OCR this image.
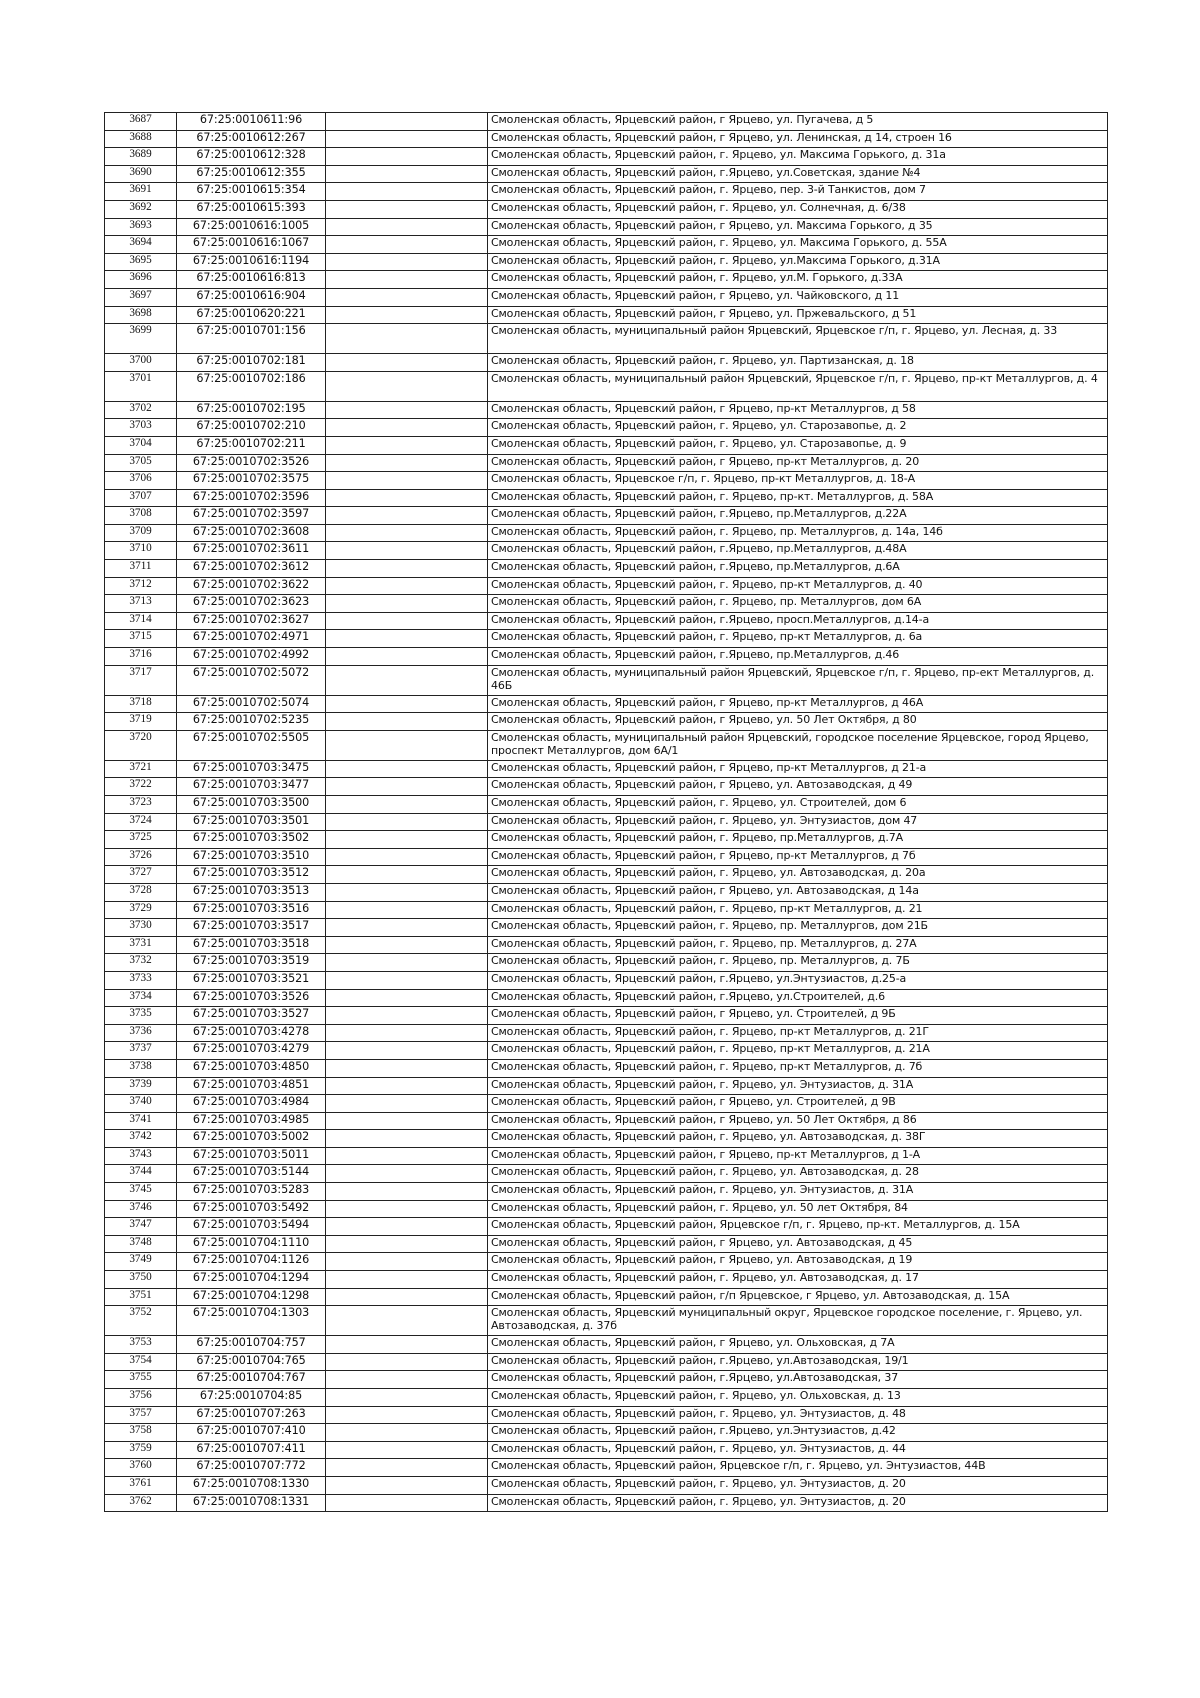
3687	67:25:0010611:96		Смоленская область, Ярцевский район, г Ярцево, ул. Пугачева, д 5
3688	67:25:0010612:267		Смоленская область, Ярцевский район, г Ярцево, ул. Ленинская, д 14, строен 16
3689	67:25:0010612:328		Смоленская область, Ярцевский район, г. Ярцево, ул. Максима Горького, д. 31а
3690	67:25:0010612:355		Смоленская область, Ярцевский район, г.Ярцево, ул.Советская, здание №4
3691	67:25:0010615:354		Смоленская область, Ярцевский район, г. Ярцево, пер. 3-й Танкистов, дом 7
3692	67:25:0010615:393		Смоленская область, Ярцевский район, г. Ярцево, ул. Солнечная, д. 6/38
3693	67:25:0010616:1005		Смоленская область, Ярцевский район, г Ярцево, ул. Максима Горького, д 35
3694	67:25:0010616:1067		Смоленская область, Ярцевский район, г. Ярцево, ул. Максима Горького, д. 55А
3695	67:25:0010616:1194		Смоленская область, Ярцевский район, г. Ярцево, ул.Максима Горького, д.31А
3696	67:25:0010616:813		Смоленская область, Ярцевский район, г. Ярцево, ул.М. Горького, д.33А
3697	67:25:0010616:904		Смоленская область, Ярцевский район, г Ярцево, ул. Чайковского, д 11
3698	67:25:0010620:221		Смоленская область, Ярцевский район, г Ярцево, ул. Пржевальского, д 51
3699	67:25:0010701:156		Смоленская область, муниципальный район Ярцевский, Ярцевское г/п, г. Ярцево, ул. Лесная, д. 33
3700	67:25:0010702:181		Смоленская область, Ярцевский район, г. Ярцево, ул. Партизанская, д. 18
3701	67:25:0010702:186		Смоленская область, муниципальный район Ярцевский, Ярцевское г/п, г. Ярцево, пр-кт Металлургов, д. 4
3702	67:25:0010702:195		Смоленская область, Ярцевский район, г Ярцево, пр-кт Металлургов, д 58
3703	67:25:0010702:210		Смоленская область, Ярцевский район, г. Ярцево, ул. Старозавопье, д. 2
3704	67:25:0010702:211		Смоленская область, Ярцевский район, г. Ярцево, ул. Старозавопье, д. 9
3705	67:25:0010702:3526		Смоленская область, Ярцевский район, г Ярцево, пр-кт Металлургов, д. 20
3706	67:25:0010702:3575		Смоленская область, Ярцевское г/п, г. Ярцево, пр-кт Металлургов, д. 18-А
3707	67:25:0010702:3596		Смоленская область, Ярцевский район, г. Ярцево, пр-кт. Металлургов, д. 58А
3708	67:25:0010702:3597		Смоленская область, Ярцевский район, г.Ярцево, пр.Металлургов, д.22А
3709	67:25:0010702:3608		Смоленская область, Ярцевский район, г. Ярцево, пр. Металлургов, д. 14а, 14б
3710	67:25:0010702:3611		Смоленская область, Ярцевский район, г.Ярцево, пр.Металлургов, д.48А
3711	67:25:0010702:3612		Смоленская область, Ярцевский район, г.Ярцево, пр.Металлургов, д.6А
3712	67:25:0010702:3622		Смоленская область, Ярцевский район, г. Ярцево, пр-кт Металлургов, д. 40
3713	67:25:0010702:3623		Смоленская область, Ярцевский район, г. Ярцево, пр. Металлургов, дом 6А
3714	67:25:0010702:3627		Смоленская область, Ярцевский район, г.Ярцево, просп.Металлургов, д.14-а
3715	67:25:0010702:4971		Смоленская область, Ярцевский район, г. Ярцево, пр-кт Металлургов, д. 6а
3716	67:25:0010702:4992		Смоленская область, Ярцевский район, г.Ярцево, пр.Металлургов, д.46
3717	67:25:0010702:5072		Смоленская область, муниципальный район Ярцевский, Ярцевское г/п, г. Ярцево, пр-ект Металлургов, д. 46Б
3718	67:25:0010702:5074		Смоленская область, Ярцевский район, г Ярцево, пр-кт Металлургов, д 46А
3719	67:25:0010702:5235		Смоленская область, Ярцевский район, г Ярцево, ул. 50 Лет Октября, д 80
3720	67:25:0010702:5505		Смоленская область, муниципальный район Ярцевский, городское поселение Ярцевское, город Ярцево, проспект Металлургов, дом 6А/1
3721	67:25:0010703:3475		Смоленская область, Ярцевский район, г Ярцево, пр-кт Металлургов, д 21-а
3722	67:25:0010703:3477		Смоленская область, Ярцевский район, г Ярцево, ул. Автозаводская, д 49
3723	67:25:0010703:3500		Смоленская область, Ярцевский район, г. Ярцево, ул. Строителей, дом 6
3724	67:25:0010703:3501		Смоленская область, Ярцевский район, г. Ярцево, ул. Энтузиастов, дом 47
3725	67:25:0010703:3502		Смоленская область, Ярцевский район, г. Ярцево, пр.Металлургов, д.7А
3726	67:25:0010703:3510		Смоленская область, Ярцевский район, г Ярцево, пр-кт Металлургов, д 7б
3727	67:25:0010703:3512		Смоленская область, Ярцевский район, г. Ярцево, ул. Автозаводская, д. 20а
3728	67:25:0010703:3513		Смоленская область, Ярцевский район, г Ярцево, ул. Автозаводская, д 14а
3729	67:25:0010703:3516		Смоленская область, Ярцевский район, г. Ярцево, пр-кт Металлургов, д. 21
3730	67:25:0010703:3517		Смоленская область, Ярцевский район, г. Ярцево, пр. Металлургов, дом 21Б
3731	67:25:0010703:3518		Смоленская область, Ярцевский район, г. Ярцево, пр. Металлургов, д. 27А
3732	67:25:0010703:3519		Смоленская область, Ярцевский район, г. Ярцево, пр. Металлургов, д. 7Б
3733	67:25:0010703:3521		Смоленская область, Ярцевский район, г.Ярцево, ул.Энтузиастов, д.25-а
3734	67:25:0010703:3526		Смоленская область, Ярцевский район, г.Ярцево, ул.Строителей, д.6
3735	67:25:0010703:3527		Смоленская область, Ярцевский район, г Ярцево, ул. Строителей, д 9Б
3736	67:25:0010703:4278		Смоленская область, Ярцевский район, г. Ярцево, пр-кт Металлургов, д. 21Г
3737	67:25:0010703:4279		Смоленская область, Ярцевский район, г. Ярцево, пр-кт Металлургов, д. 21А
3738	67:25:0010703:4850		Смоленская область, Ярцевский район, г. Ярцево, пр-кт Металлургов, д. 7б
3739	67:25:0010703:4851		Смоленская область, Ярцевский район, г. Ярцево, ул. Энтузиастов, д. 31А
3740	67:25:0010703:4984		Смоленская область, Ярцевский район, г Ярцево, ул. Строителей, д 9В
3741	67:25:0010703:4985		Смоленская область, Ярцевский район, г Ярцево, ул. 50 Лет Октября, д 86
3742	67:25:0010703:5002		Смоленская область, Ярцевский район, г. Ярцево, ул. Автозаводская, д. 38Г
3743	67:25:0010703:5011		Смоленская область, Ярцевский район, г Ярцево, пр-кт Металлургов, д 1-А
3744	67:25:0010703:5144		Смоленская область, Ярцевский район, г. Ярцево, ул. Автозаводская, д. 28
3745	67:25:0010703:5283		Смоленская область, Ярцевский район, г. Ярцево, ул. Энтузиастов, д. 31А
3746	67:25:0010703:5492		Смоленская область, Ярцевский район, г. Ярцево, ул. 50 лет Октября, 84
3747	67:25:0010703:5494		Смоленская область, Ярцевский район, Ярцевское г/п, г. Ярцево, пр-кт. Металлургов, д. 15А
3748	67:25:0010704:1110		Смоленская область, Ярцевский район, г Ярцево, ул. Автозаводская, д 45
3749	67:25:0010704:1126		Смоленская область, Ярцевский район, г Ярцево, ул. Автозаводская, д 19
3750	67:25:0010704:1294		Смоленская область, Ярцевский район, г. Ярцево, ул. Автозаводская, д. 17
3751	67:25:0010704:1298		Смоленская область, Ярцевский район, г/п Ярцевское, г Ярцево, ул. Автозаводская, д. 15А
3752	67:25:0010704:1303		Смоленская область, Ярцевский муниципальный округ, Ярцевское городское поселение, г. Ярцево, ул. Автозаводская, д. 37б
3753	67:25:0010704:757		Смоленская область, Ярцевский район, г Ярцево, ул. Ольховская, д 7А
3754	67:25:0010704:765		Смоленская область, Ярцевский район, г.Ярцево, ул.Автозаводская, 19/1
3755	67:25:0010704:767		Смоленская область, Ярцевский район, г.Ярцево, ул.Автозаводская, 37
3756	67:25:0010704:85		Смоленская область, Ярцевский район, г. Ярцево, ул. Ольховская, д. 13
3757	67:25:0010707:263		Смоленская область, Ярцевский район, г. Ярцево, ул. Энтузиастов, д. 48
3758	67:25:0010707:410		Смоленская область, Ярцевский район, г.Ярцево, ул.Энтузиастов, д.42
3759	67:25:0010707:411		Смоленская область, Ярцевский район, г. Ярцево, ул. Энтузиастов, д. 44
3760	67:25:0010707:772		Смоленская область, Ярцевский район, Ярцевское г/п, г. Ярцево, ул. Энтузиастов, 44В
3761	67:25:0010708:1330		Смоленская область, Ярцевский район, г. Ярцево, ул. Энтузиастов, д. 20
3762	67:25:0010708:1331		Смоленская область, Ярцевский район, г. Ярцево, ул. Энтузиастов, д. 20
